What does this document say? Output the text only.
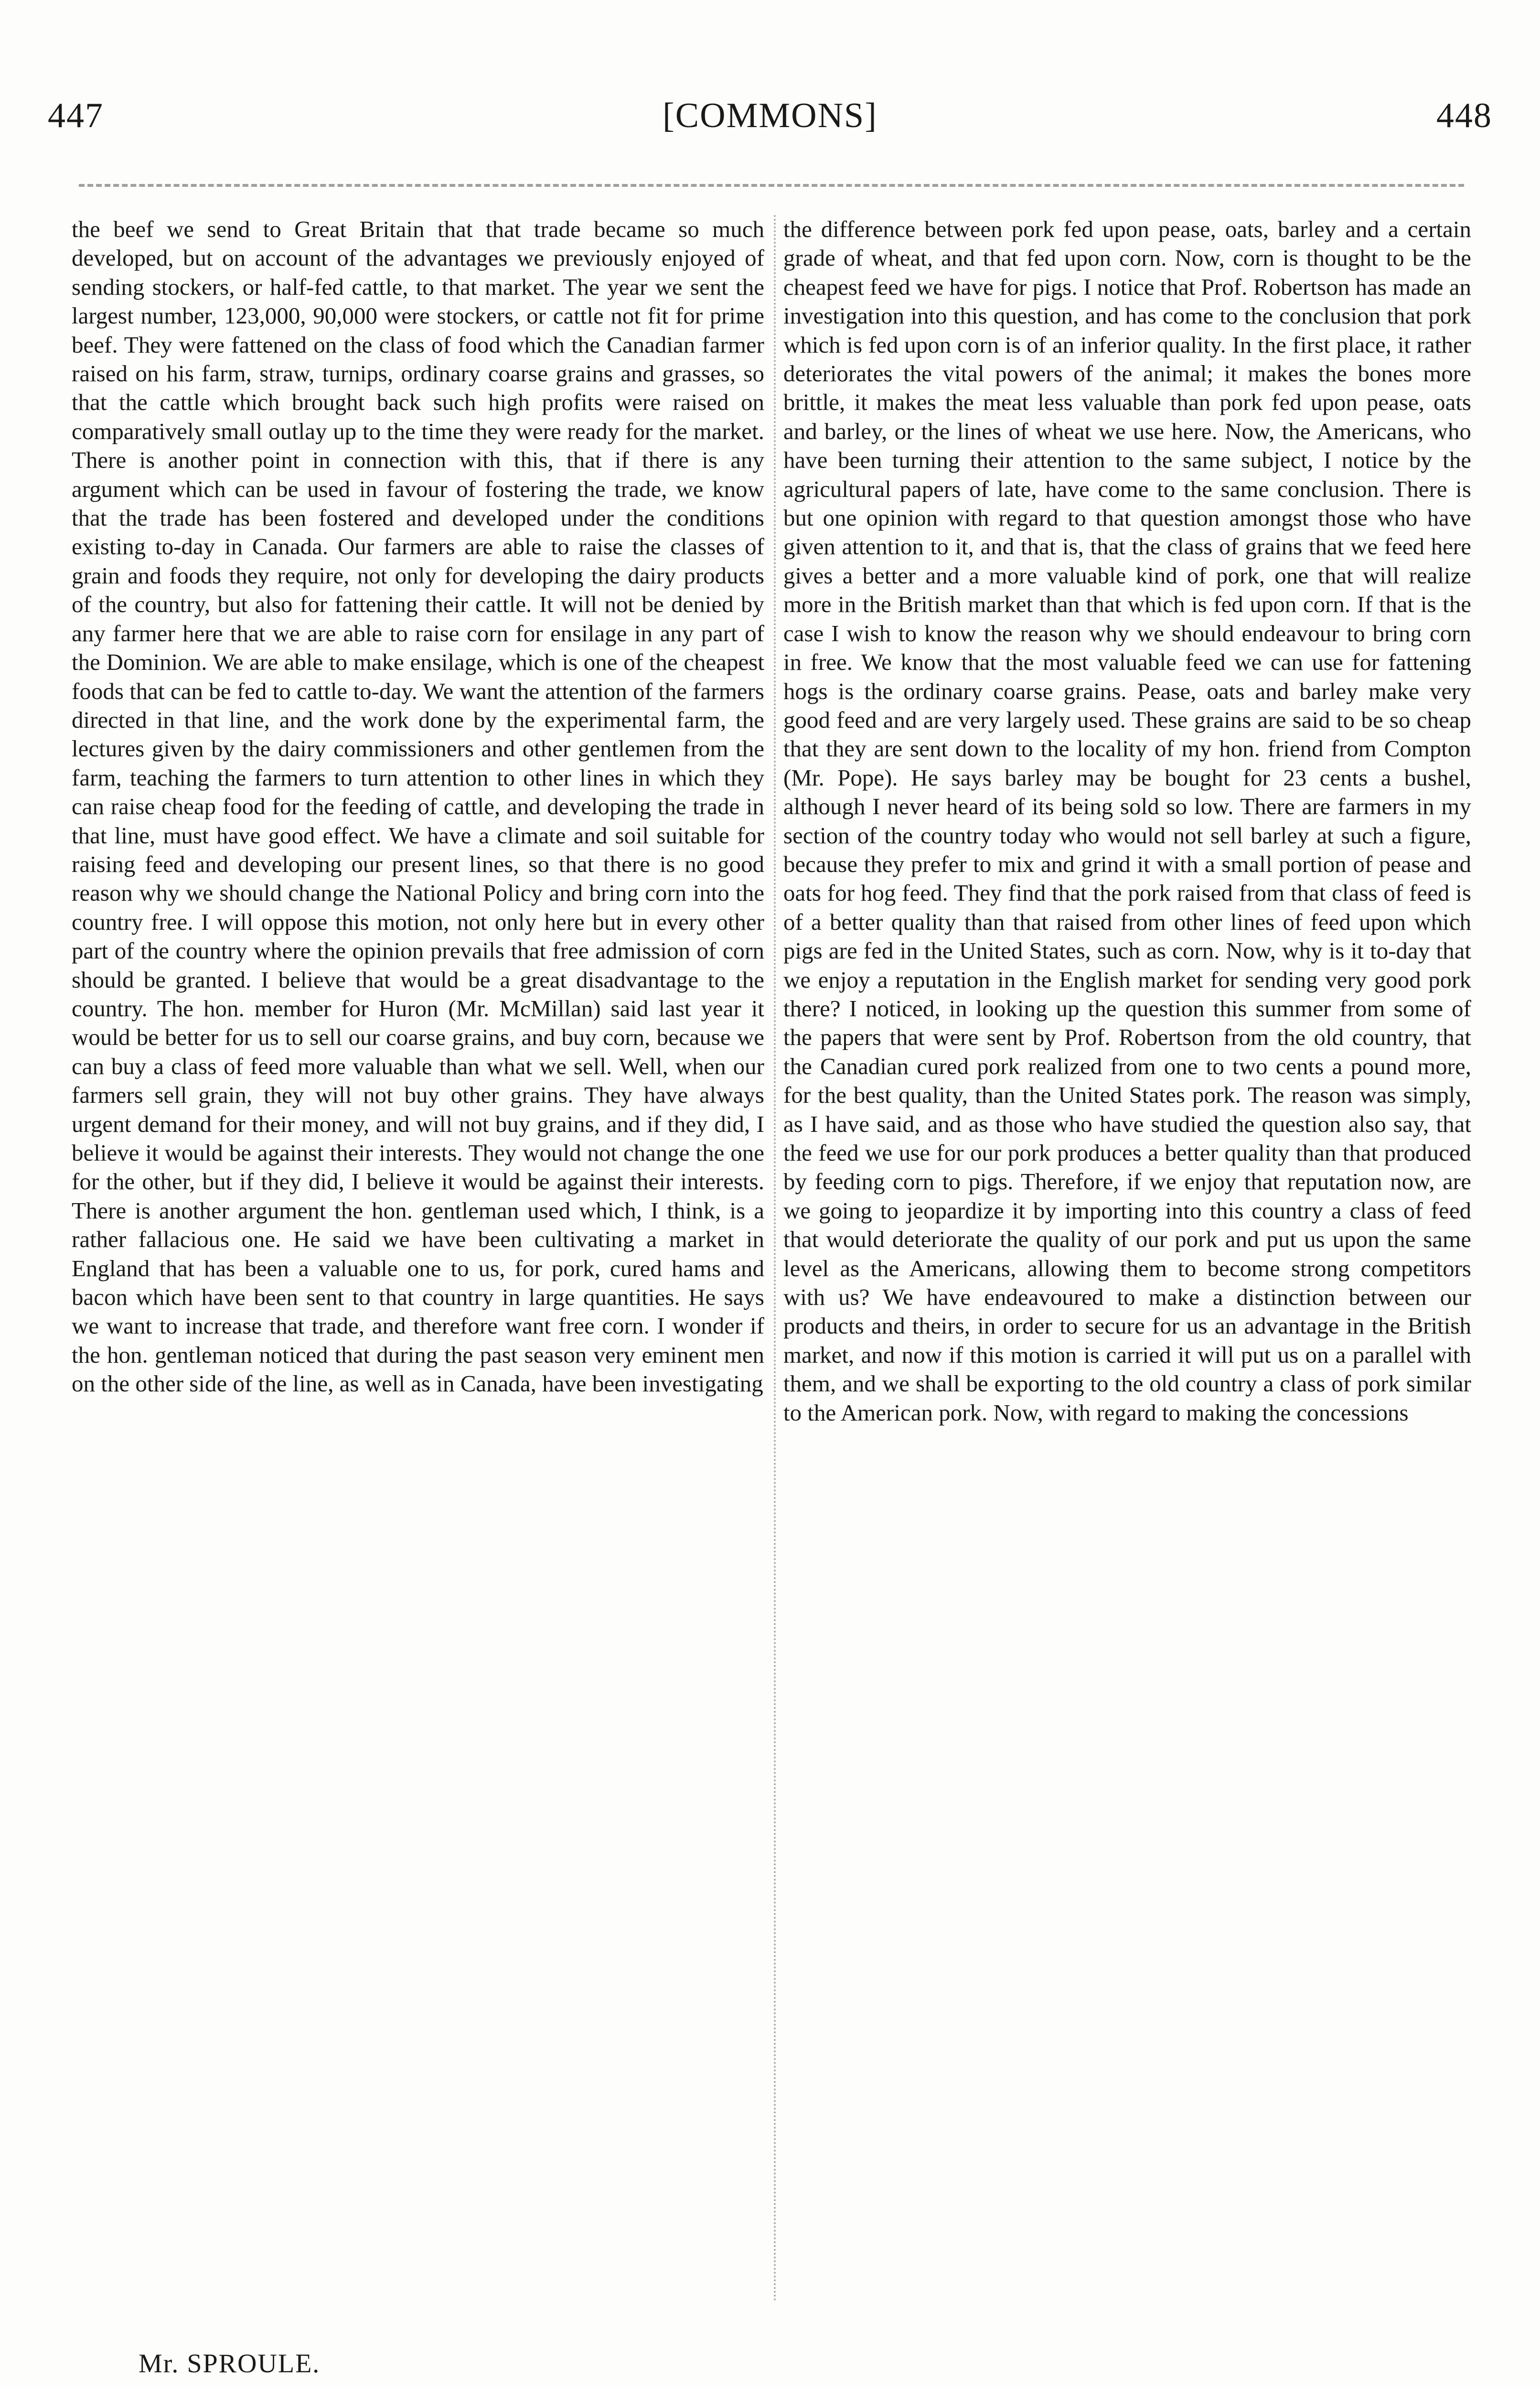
447	[COMMONS]	448

the beef we send to Great Britain that that trade became so much developed, but on account of the advantages we previously enjoyed of sending stockers, or half-fed cattle, to that market. The year we sent the largest number, 123,000, 90,000 were stockers, or cattle not fit for prime beef. They were fattened on the class of food which the Canadian farmer raised on his farm, straw, turnips, ordinary coarse grains and grasses, so that the cattle which brought back such high profits were raised on comparatively small outlay up to the time they were ready for the market. There is another point in connection with this, that if there is any argument which can be used in favour of fostering the trade, we know that the trade has been fostered and developed under the conditions existing to-day in Canada. Our farmers are able to raise the classes of grain and foods they require, not only for developing the dairy products of the country, but also for fattening their cattle. It will not be denied by any farmer here that we are able to raise corn for ensilage in any part of the Dominion. We are able to make ensilage, which is one of the cheapest foods that can be fed to cattle to-day. We want the attention of the farmers directed in that line, and the work done by the experimental farm, the lectures given by the dairy commissioners and other gentlemen from the farm, teaching the farmers to turn attention to other lines in which they can raise cheap food for the feeding of cattle, and developing the trade in that line, must have good effect. We have a climate and soil suitable for raising feed and developing our present lines, so that there is no good reason why we should change the National Policy and bring corn into the country free. I will oppose this motion, not only here but in every other part of the country where the opinion prevails that free admission of corn should be granted. I believe that would be a great disadvantage to the country. The hon. member for Huron (Mr. McMillan) said last year it would be better for us to sell our coarse grains, and buy corn, because we can buy a class of feed more valuable than what we sell. Well, when our farmers sell grain, they will not buy other grains. They have always urgent demand for their money, and will not buy grains, and if they did, I believe it would be against their interests. They would not change the one for the other, but if they did, I believe it would be against their interests. There is another argument the hon. gentleman used which, I think, is a rather fallacious one. He said we have been cultivating a market in England that has been a valuable one to us, for pork, cured hams and bacon which have been sent to that country in large quantities. He says we want to increase that trade, and therefore want free corn. I wonder if the hon. gentleman noticed that during the past season very eminent men on the other side of the line, as well as in Canada, have been investigating

the difference between pork fed upon pease, oats, barley and a certain grade of wheat, and that fed upon corn. Now, corn is thought to be the cheapest feed we have for pigs. I notice that Prof. Robertson has made an investigation into this question, and has come to the conclusion that pork which is fed upon corn is of an inferior quality. In the first place, it rather deteriorates the vital powers of the animal; it makes the bones more brittle, it makes the meat less valuable than pork fed upon pease, oats and barley, or the lines of wheat we use here. Now, the Americans, who have been turning their attention to the same subject, I notice by the agricultural papers of late, have come to the same conclusion. There is but one opinion with regard to that question amongst those who have given attention to it, and that is, that the class of grains that we feed here gives a better and a more valuable kind of pork, one that will realize more in the British market than that which is fed upon corn. If that is the case I wish to know the reason why we should endeavour to bring corn in free. We know that the most valuable feed we can use for fattening hogs is the ordinary coarse grains. Pease, oats and barley make very good feed and are very largely used. These grains are said to be so cheap that they are sent down to the locality of my hon. friend from Compton (Mr. Pope). He says barley may be bought for 23 cents a bushel, although I never heard of its being sold so low. There are farmers in my section of the country today who would not sell barley at such a figure, because they prefer to mix and grind it with a small portion of pease and oats for hog feed. They find that the pork raised from that class of feed is of a better quality than that raised from other lines of feed upon which pigs are fed in the United States, such as corn. Now, why is it to-day that we enjoy a reputation in the English market for sending very good pork there? I noticed, in looking up the question this summer from some of the papers that were sent by Prof. Robertson from the old country, that the Canadian cured pork realized from one to two cents a pound more, for the best quality, than the United States pork. The reason was simply, as I have said, and as those who have studied the question also say, that the feed we use for our pork produces a better quality than that produced by feeding corn to pigs. Therefore, if we enjoy that reputation now, are we going to jeopardize it by importing into this country a class of feed that would deteriorate the quality of our pork and put us upon the same level as the Americans, allowing them to become strong competitors with us? We have endeavoured to make a distinction between our products and theirs, in order to secure for us an advantage in the British market, and now if this motion is carried it will put us on a parallel with them, and we shall be exporting to the old country a class of pork similar to the American pork. Now, with regard to making the concessions

Mr. SPROULE.
